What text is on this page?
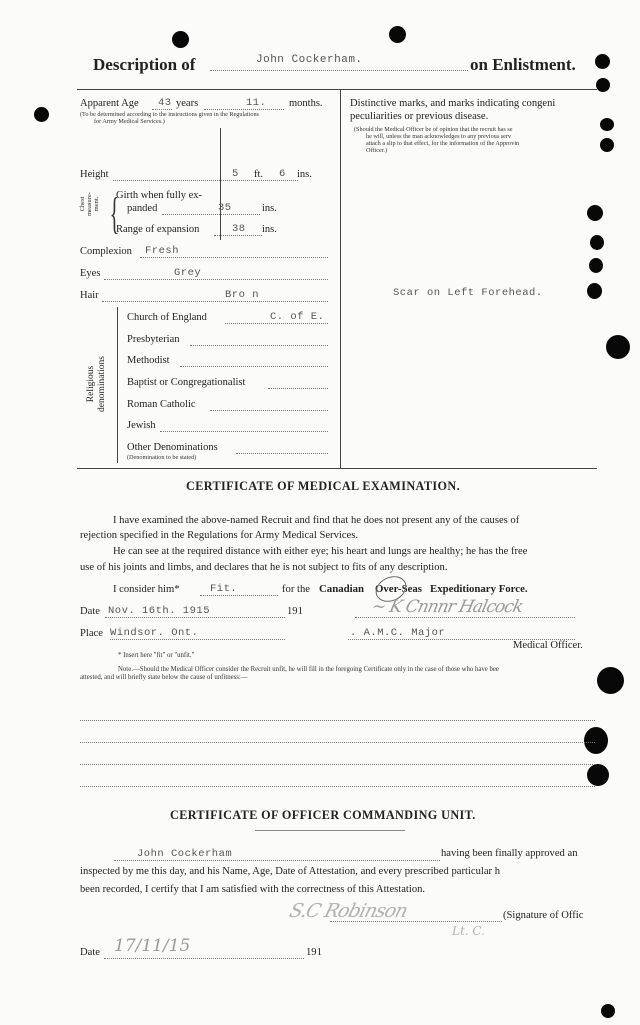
Description of	John Cockerham.	on Enlistment.
Apparent Age 43 years	11. months.
(To be determined according to the instructions given in the Regulations
for Army Medical Services.)
Height	5 ft. 6 ins.
Chest measure- ment. {
Girth when fully ex-
panded	35	ins.
Range of expansion	38 ins.
Complexion Fresh
Eyes	Grey
Hair	Bro n
Religious denominations
Church of England	C. of E.
Presbyterian
Methodist
Baptist or Congregationalist
Roman Catholic
Jewish
Other Denominations
(Denomination to be stated)
Distinctive marks, and marks indicating congeni
peculiarities or previous disease.
(Should the Medical Officer be of opinion that the recruit has se
he will, unless the man acknowledges to any previous serv
attach a slip to that effect, for the information of the Approvin
Officer.)
Scar on Left Forehead.
CERTIFICATE OF MEDICAL EXAMINATION.
I have examined the above-named Recruit and find that he does not present any of the causes of
rejection specified in the Regulations for Army Medical Services.
He can see at the required distance with either eye; his heart and lungs are healthy; he has the free
use of his joints and limbs, and declares that he is not subject to fits of any description.
I consider him*	Fit.	for the Canadian Over-Seas Expeditionary Force.
Date Nov. 16th. 1915	191	~ K Cnnnr Halcock
Place Windsor. Ont.	. A.M.C. Major
Medical Officer.
* Insert here "fit" or "unfit."
Note.—Should the Medical Officer consider the Recruit unfit, he will fill in the foregoing Certificate only in the case of those who have bee
attested, and will briefly state below the cause of unfitness:—
CERTIFICATE OF OFFICER COMMANDING UNIT.
John Cockerham	having been finally approved an
inspected by me this day, and his Name, Age, Date of Attestation, and every prescribed particular h
been recorded, I certify that I am satisfied with the correctness of this Attestation.
S.C Robinson
Lt. C.
(Signature of Offic
Date 17/11/15	191
